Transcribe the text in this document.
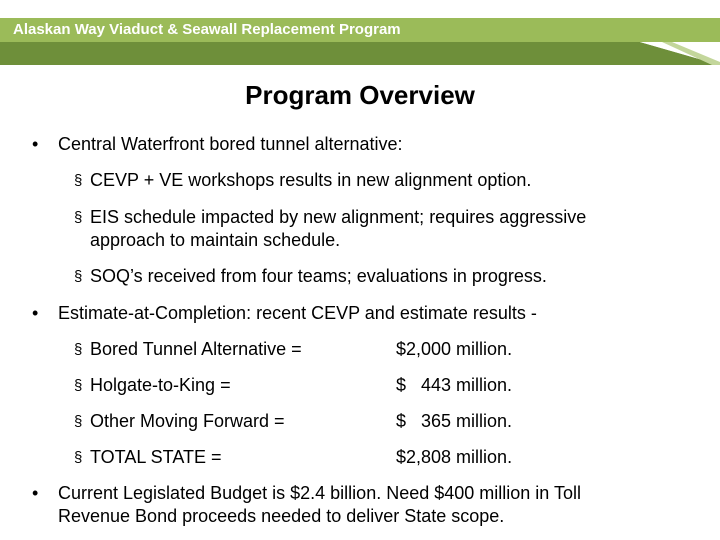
Alaskan Way Viaduct & Seawall Replacement Program
Program Overview
• Central Waterfront bored tunnel alternative:
§ CEVP + VE workshops results in new alignment option.
§ EIS schedule impacted by new alignment; requires aggressive
approach to maintain schedule.
§ SOQ’s received from four teams; evaluations in progress.
• Estimate-at-Completion: recent CEVP and estimate results -
§ Bored Tunnel Alternative =	$2,000 million.
§ Holgate-to-King =	$   443 million.
§ Other Moving Forward =	$   365 million.
§ TOTAL STATE =	$2,808 million.
• Current Legislated Budget is $2.4 billion. Need $400 million in Toll
Revenue Bond proceeds needed to deliver State scope.
